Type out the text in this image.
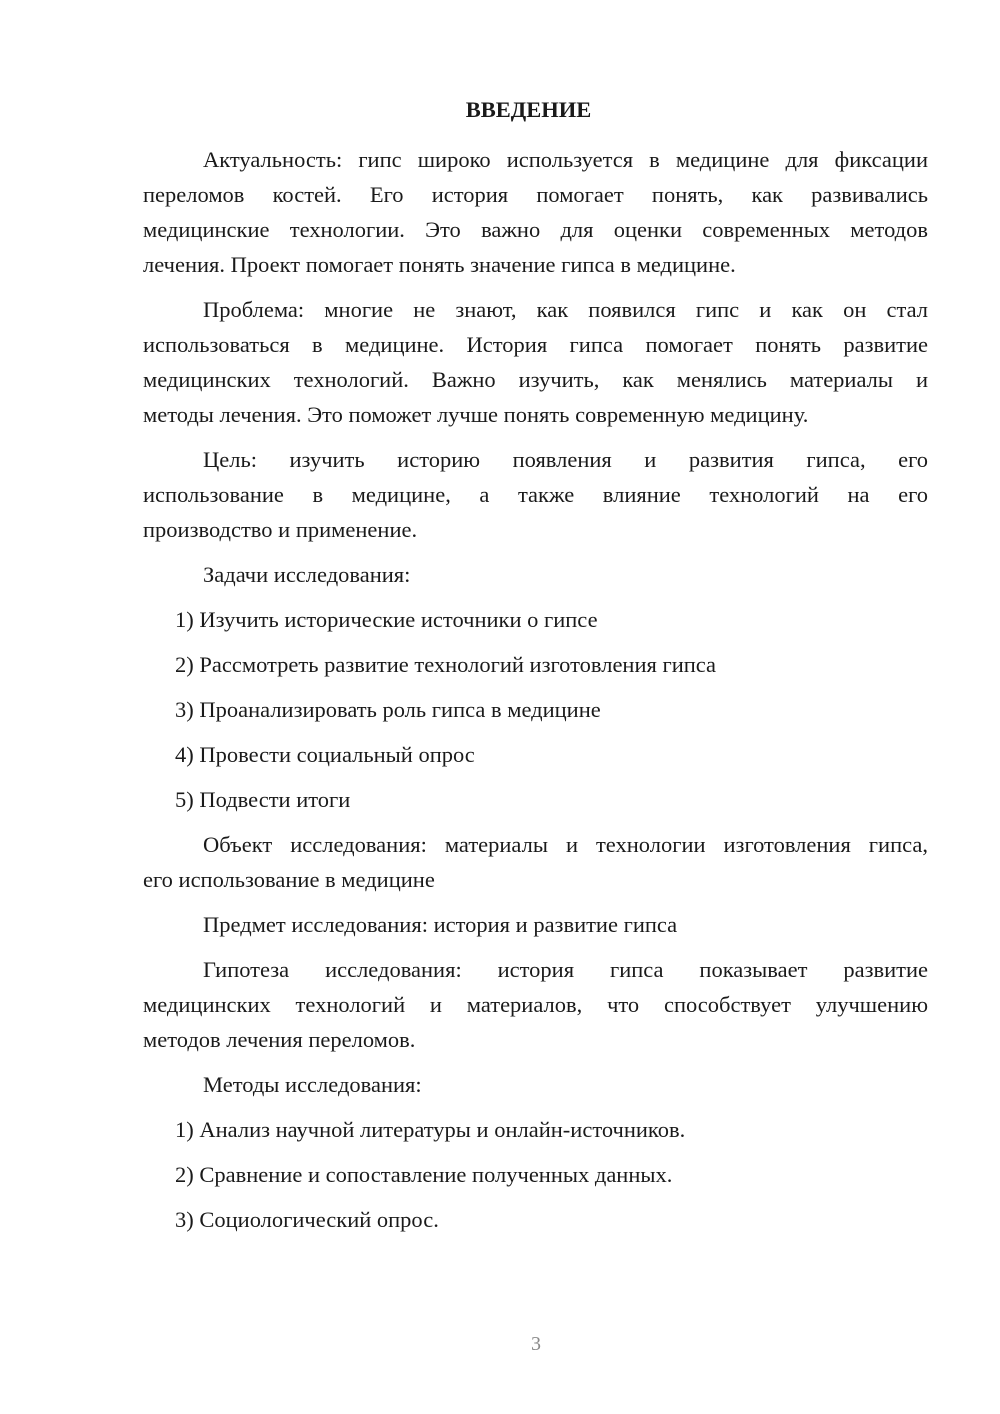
ВВЕДЕНИЕ
Актуальность: гипс широко используется в медицине для фиксации
переломов костей. Его история помогает понять, как развивались
медицинские технологии. Это важно для оценки современных методов
лечения. Проект помогает понять значение гипса в медицине.
Проблема: многие не знают, как появился гипс и как он стал
использоваться в медицине. История гипса помогает понять развитие
медицинских технологий. Важно изучить, как менялись материалы и
методы лечения. Это поможет лучше понять современную медицину.
Цель: изучить историю появления и развития гипса, его
использование в медицине, а также влияние технологий на его
производство и применение.
Задачи исследования:
1) Изучить исторические источники о гипсе
2) Рассмотреть развитие технологий изготовления гипса
3) Проанализировать роль гипса в медицине
4) Провести социальный опрос
5) Подвести итоги
Объект исследования: материалы и технологии изготовления гипса,
его использование в медицине
Предмет исследования: история и развитие гипса
Гипотеза исследования: история гипса показывает развитие
медицинских технологий и материалов, что способствует улучшению
методов лечения переломов.
Методы исследования:
1) Анализ научной литературы и онлайн-источников.
2) Сравнение и сопоставление полученных данных.
3) Социологический опрос.
3
